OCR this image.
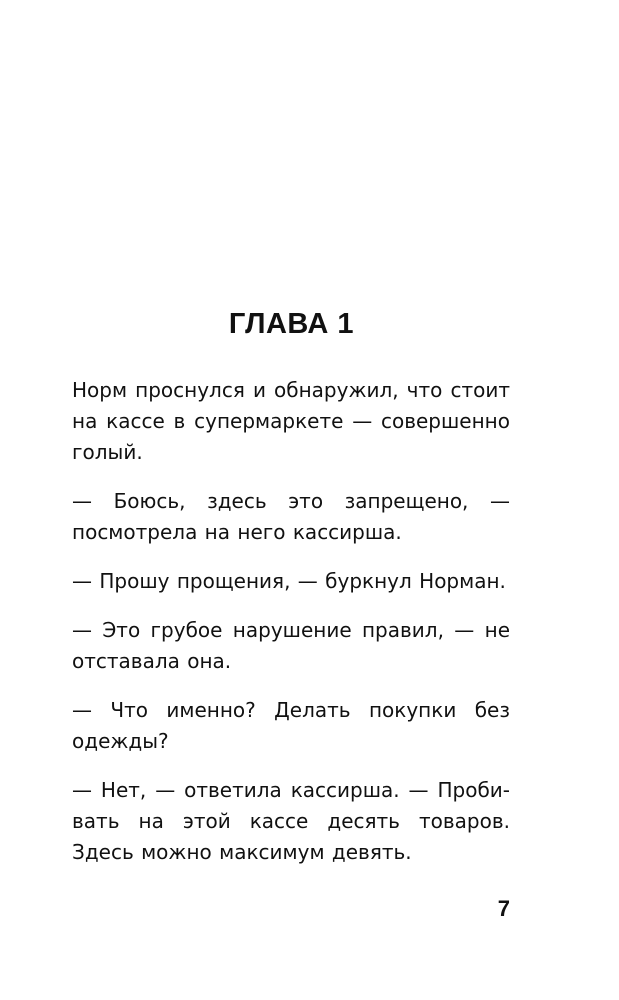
ГЛАВА 1

Норм проснулся и обнаружил, что стоит на кассе в супермаркете — совершенно голый.

— Боюсь, здесь это запрещено, — посмотрела на него кассирша.

— Прошу прощения, — буркнул Норман.

— Это грубое нарушение правил, — не отставала она.

— Что именно? Делать покупки без одежды?

— Нет, — ответила кассирша. — Пробивать на этой кассе десять товаров. Здесь можно максимум девять.

7
